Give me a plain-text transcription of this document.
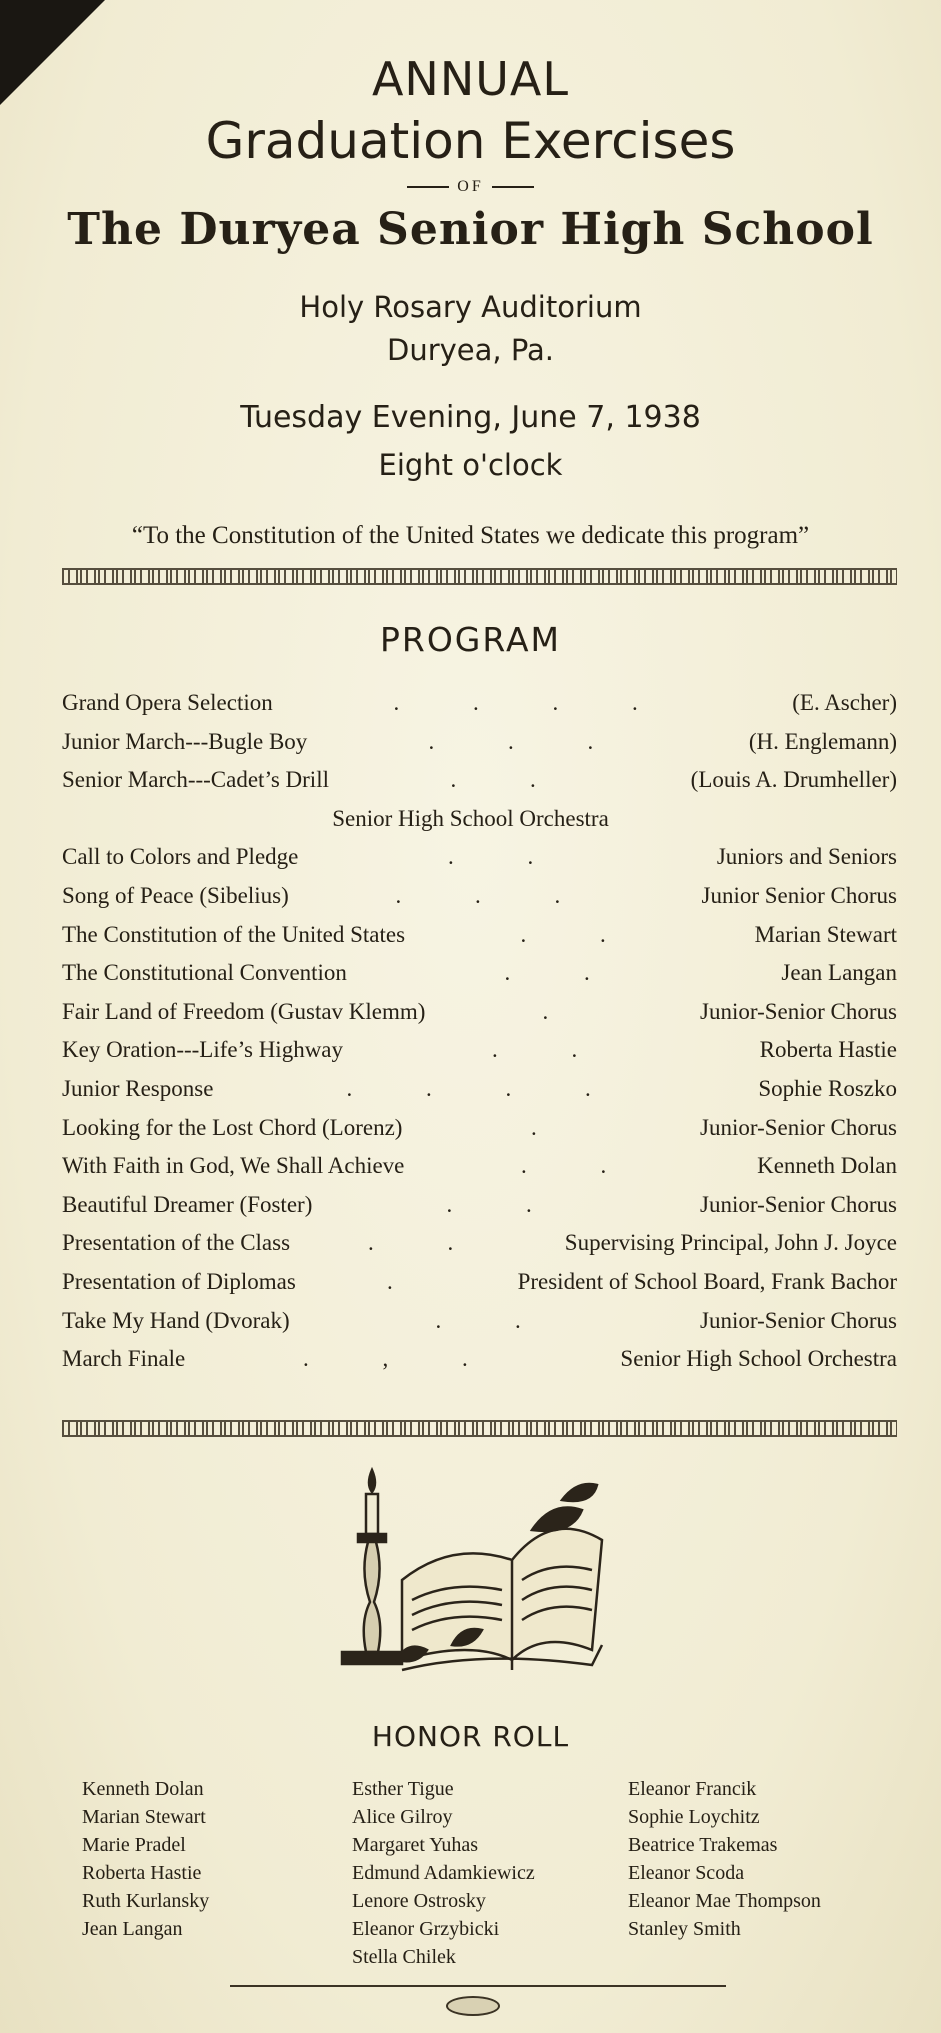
ANNUAL
Graduation Exercises
OF
The Duryea Senior High School
Holy Rosary Auditorium
Duryea, Pa.
Tuesday Evening, June 7, 1938
Eight o'clock
“To the Constitution of the United States we dedicate this program”
PROGRAM
Grand Opera Selection	. . . .	(E. Ascher)
Junior March---Bugle Boy	. . .	(H. Englemann)
Senior March---Cadet’s Drill	. .	(Louis A. Drumheller)
Senior High School Orchestra
Call to Colors and Pledge	. .	Juniors and Seniors
Song of Peace (Sibelius)	. . .	Junior Senior Chorus
The Constitution of the United States	. .	Marian Stewart
The Constitutional Convention	. .	Jean Langan
Fair Land of Freedom (Gustav Klemm)	.	Junior-Senior Chorus
Key Oration---Life’s Highway	. .	Roberta Hastie
Junior Response	. . . .	Sophie Roszko
Looking for the Lost Chord (Lorenz)	.	Junior-Senior Chorus
With Faith in God, We Shall Achieve	. .	Kenneth Dolan
Beautiful Dreamer (Foster)	. .	Junior-Senior Chorus
Presentation of the Class	. .	Supervising Principal, John J. Joyce
Presentation of Diplomas	.	President of School Board, Frank Bachor
Take My Hand (Dvorak)	. .	Junior-Senior Chorus
March Finale	. , .	Senior High School Orchestra
HONOR ROLL
Kenneth Dolan
Marian Stewart
Marie Pradel
Roberta Hastie
Ruth Kurlansky
Jean Langan
Esther Tigue
Alice Gilroy
Margaret Yuhas
Edmund Adamkiewicz
Lenore Ostrosky
Eleanor Grzybicki
Stella Chilek
Eleanor Francik
Sophie Loychitz
Beatrice Trakemas
Eleanor Scoda
Eleanor Mae Thompson
Stanley Smith
